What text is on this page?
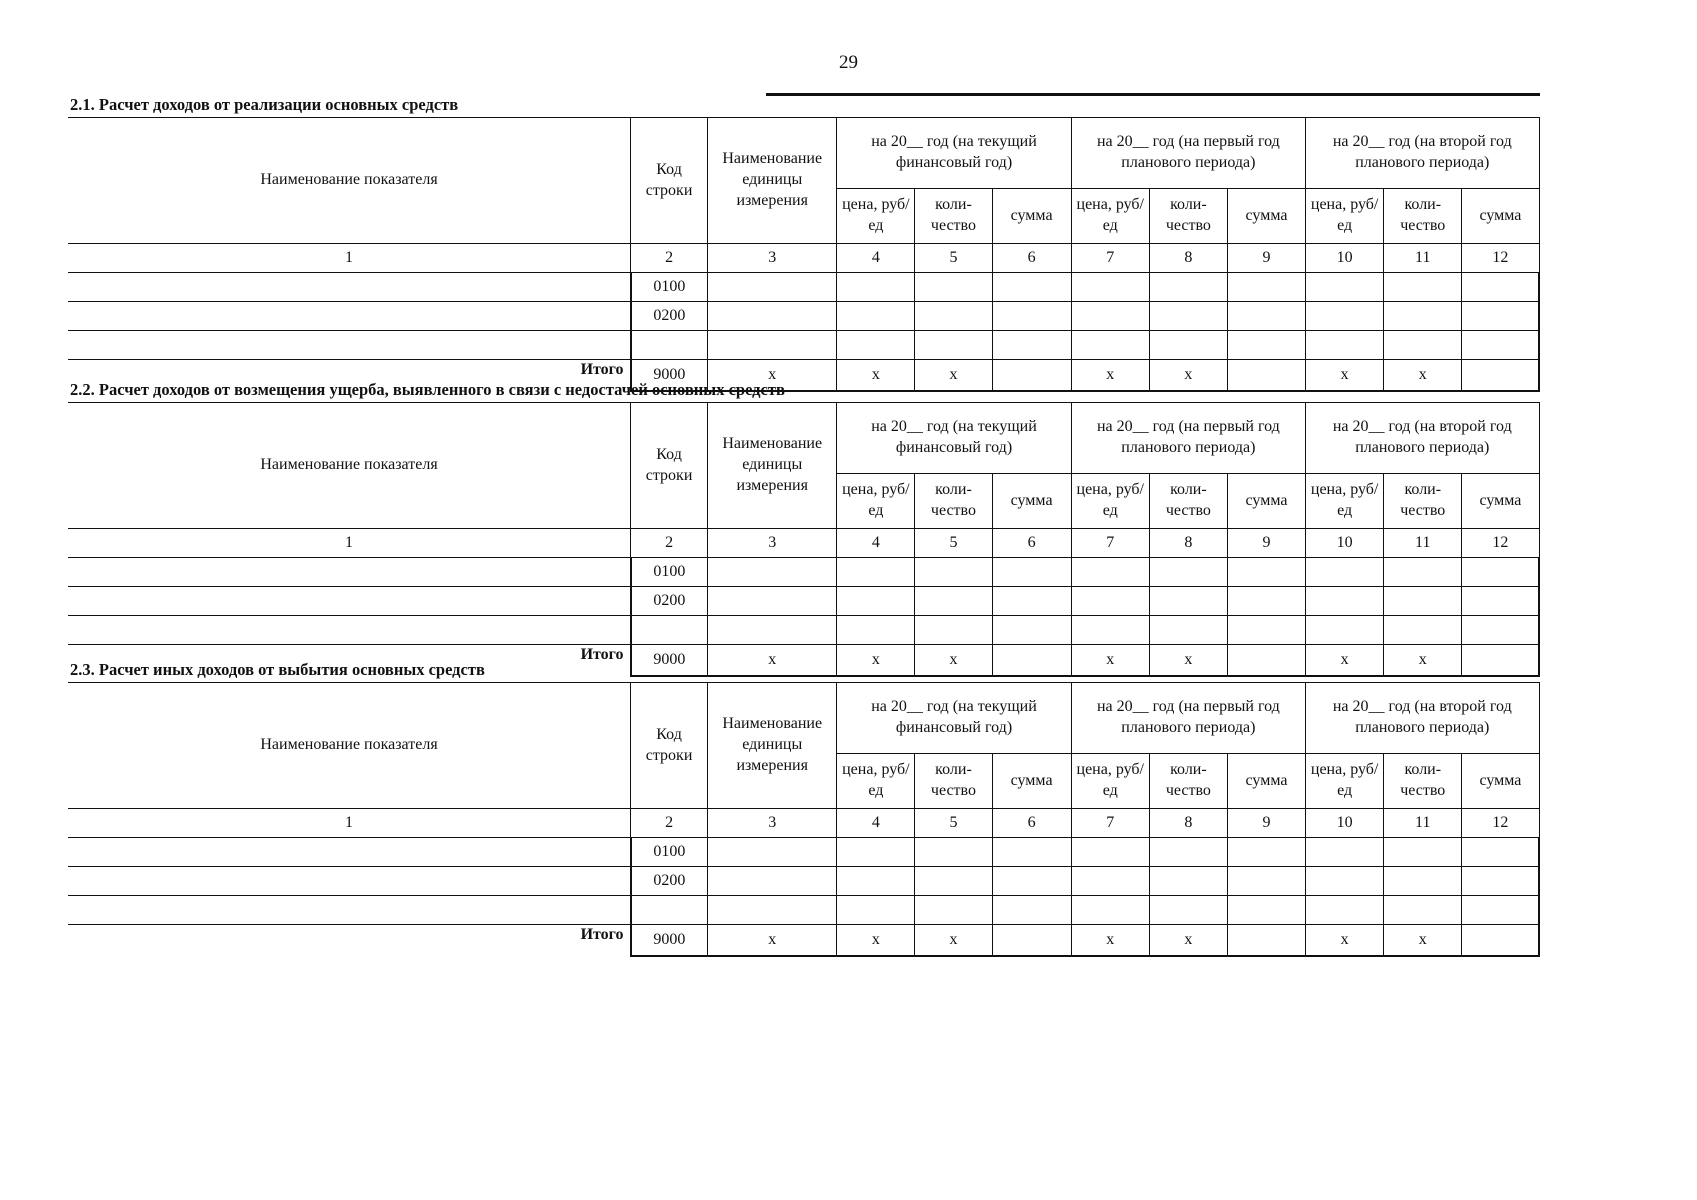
29
2.1. Расчет доходов от реализации основных средств
Наименование показателя	Код строки	Наименование единицы измерения	на 20__ год (на текущий финансовый год)			на 20__ год (на первый год планового периода)			на 20__ год (на второй год планового периода)		
			цена, руб/ед	коли- чество	сумма	цена, руб/ед	коли- чество	сумма	цена, руб/ед	коли- чество	сумма
1	2	3	4	5	6	7	8	9	10	11	12
	0100										
	0200										

Итого	9000	x	x	x		x	x		x	x	
2.2. Расчет доходов от возмещения ущерба, выявленного в связи с недостачей основных средств
Наименование показателя	Код строки	Наименование единицы измерения	на 20__ год (на текущий финансовый год)			на 20__ год (на первый год планового периода)			на 20__ год (на второй год планового периода)		
			цена, руб/ед	коли- чество	сумма	цена, руб/ед	коли- чество	сумма	цена, руб/ед	коли- чество	сумма
1	2	3	4	5	6	7	8	9	10	11	12
	0100										
	0200										

Итого	9000	x	x	x		x	x		x	x	
2.3. Расчет иных доходов от выбытия основных средств
Наименование показателя	Код строки	Наименование единицы измерения	на 20__ год (на текущий финансовый год)			на 20__ год (на первый год планового периода)			на 20__ год (на второй год планового периода)		
			цена, руб/ед	коли- чество	сумма	цена, руб/ед	коли- чество	сумма	цена, руб/ед	коли- чество	сумма
1	2	3	4	5	6	7	8	9	10	11	12
	0100										
	0200										

Итого	9000	x	x	x		x	x		x	x	
